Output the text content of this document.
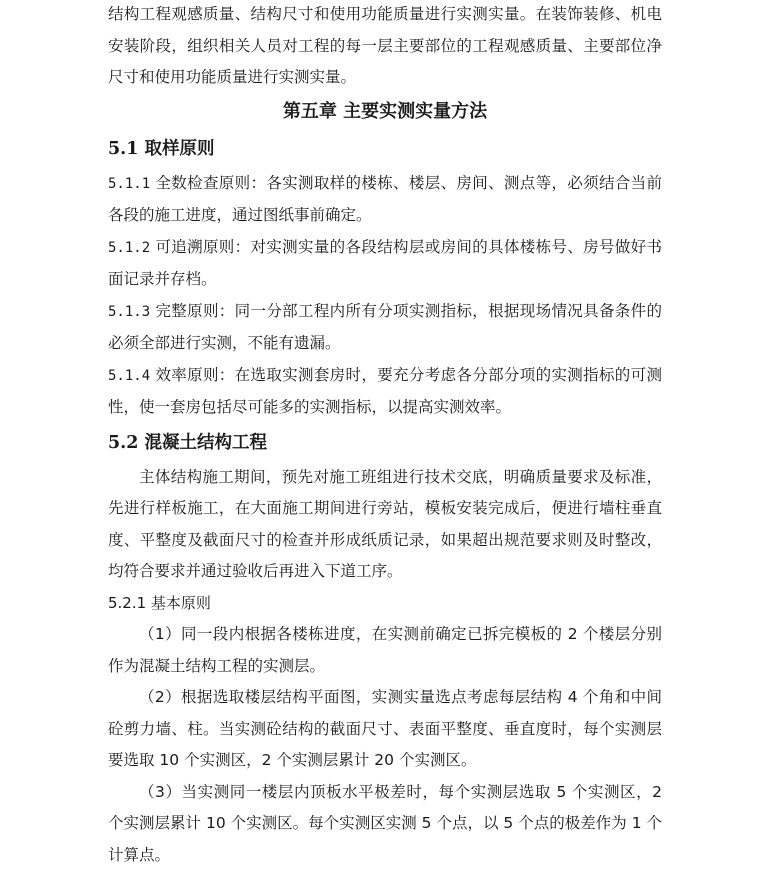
结构工程观感质量、结构尺寸和使用功能质量进行实测实量。在装饰装修、机电安装阶段，组织相关人员对工程的每一层主要部位的工程观感质量、主要部位净尺寸和使用功能质量进行实测实量。

第五章 主要实测实量方法
5.1 取样原则

5.1.1 全数检查原则：各实测取样的楼栋、楼层、房间、测点等，必须结合当前各段的施工进度，通过图纸事前确定。

5.1.2 可追溯原则：对实测实量的各段结构层或房间的具体楼栋号、房号做好书面记录并存档。

5.1.3 完整原则：同一分部工程内所有分项实测指标，根据现场情况具备条件的必须全部进行实测，不能有遗漏。

5.1.4 效率原则：在选取实测套房时，要充分考虑各分部分项的实测指标的可测性，使一套房包括尽可能多的实测指标，以提高实测效率。

5.2 混凝土结构工程

主体结构施工期间，预先对施工班组进行技术交底，明确质量要求及标准，先进行样板施工，在大面施工期间进行旁站，模板安装完成后，便进行墙柱垂直度、平整度及截面尺寸的检查并形成纸质记录，如果超出规范要求则及时整改，均符合要求并通过验收后再进入下道工序。

5.2.1 基本原则

（1）同一段内根据各楼栋进度，在实测前确定已拆完模板的 2 个楼层分别作为混凝土结构工程的实测层。

（2）根据选取楼层结构平面图，实测实量选点考虑每层结构 4 个角和中间砼剪力墙、柱。当实测砼结构的截面尺寸、表面平整度、垂直度时，每个实测层要选取 10 个实测区，2 个实测层累计 20 个实测区。

（3）当实测同一楼层内顶板水平极差时，每个实测层选取 5 个实测区，2 个实测层累计 10 个实测区。每个实测区实测 5 个点，以 5 个点的极差作为 1 个计算点。
